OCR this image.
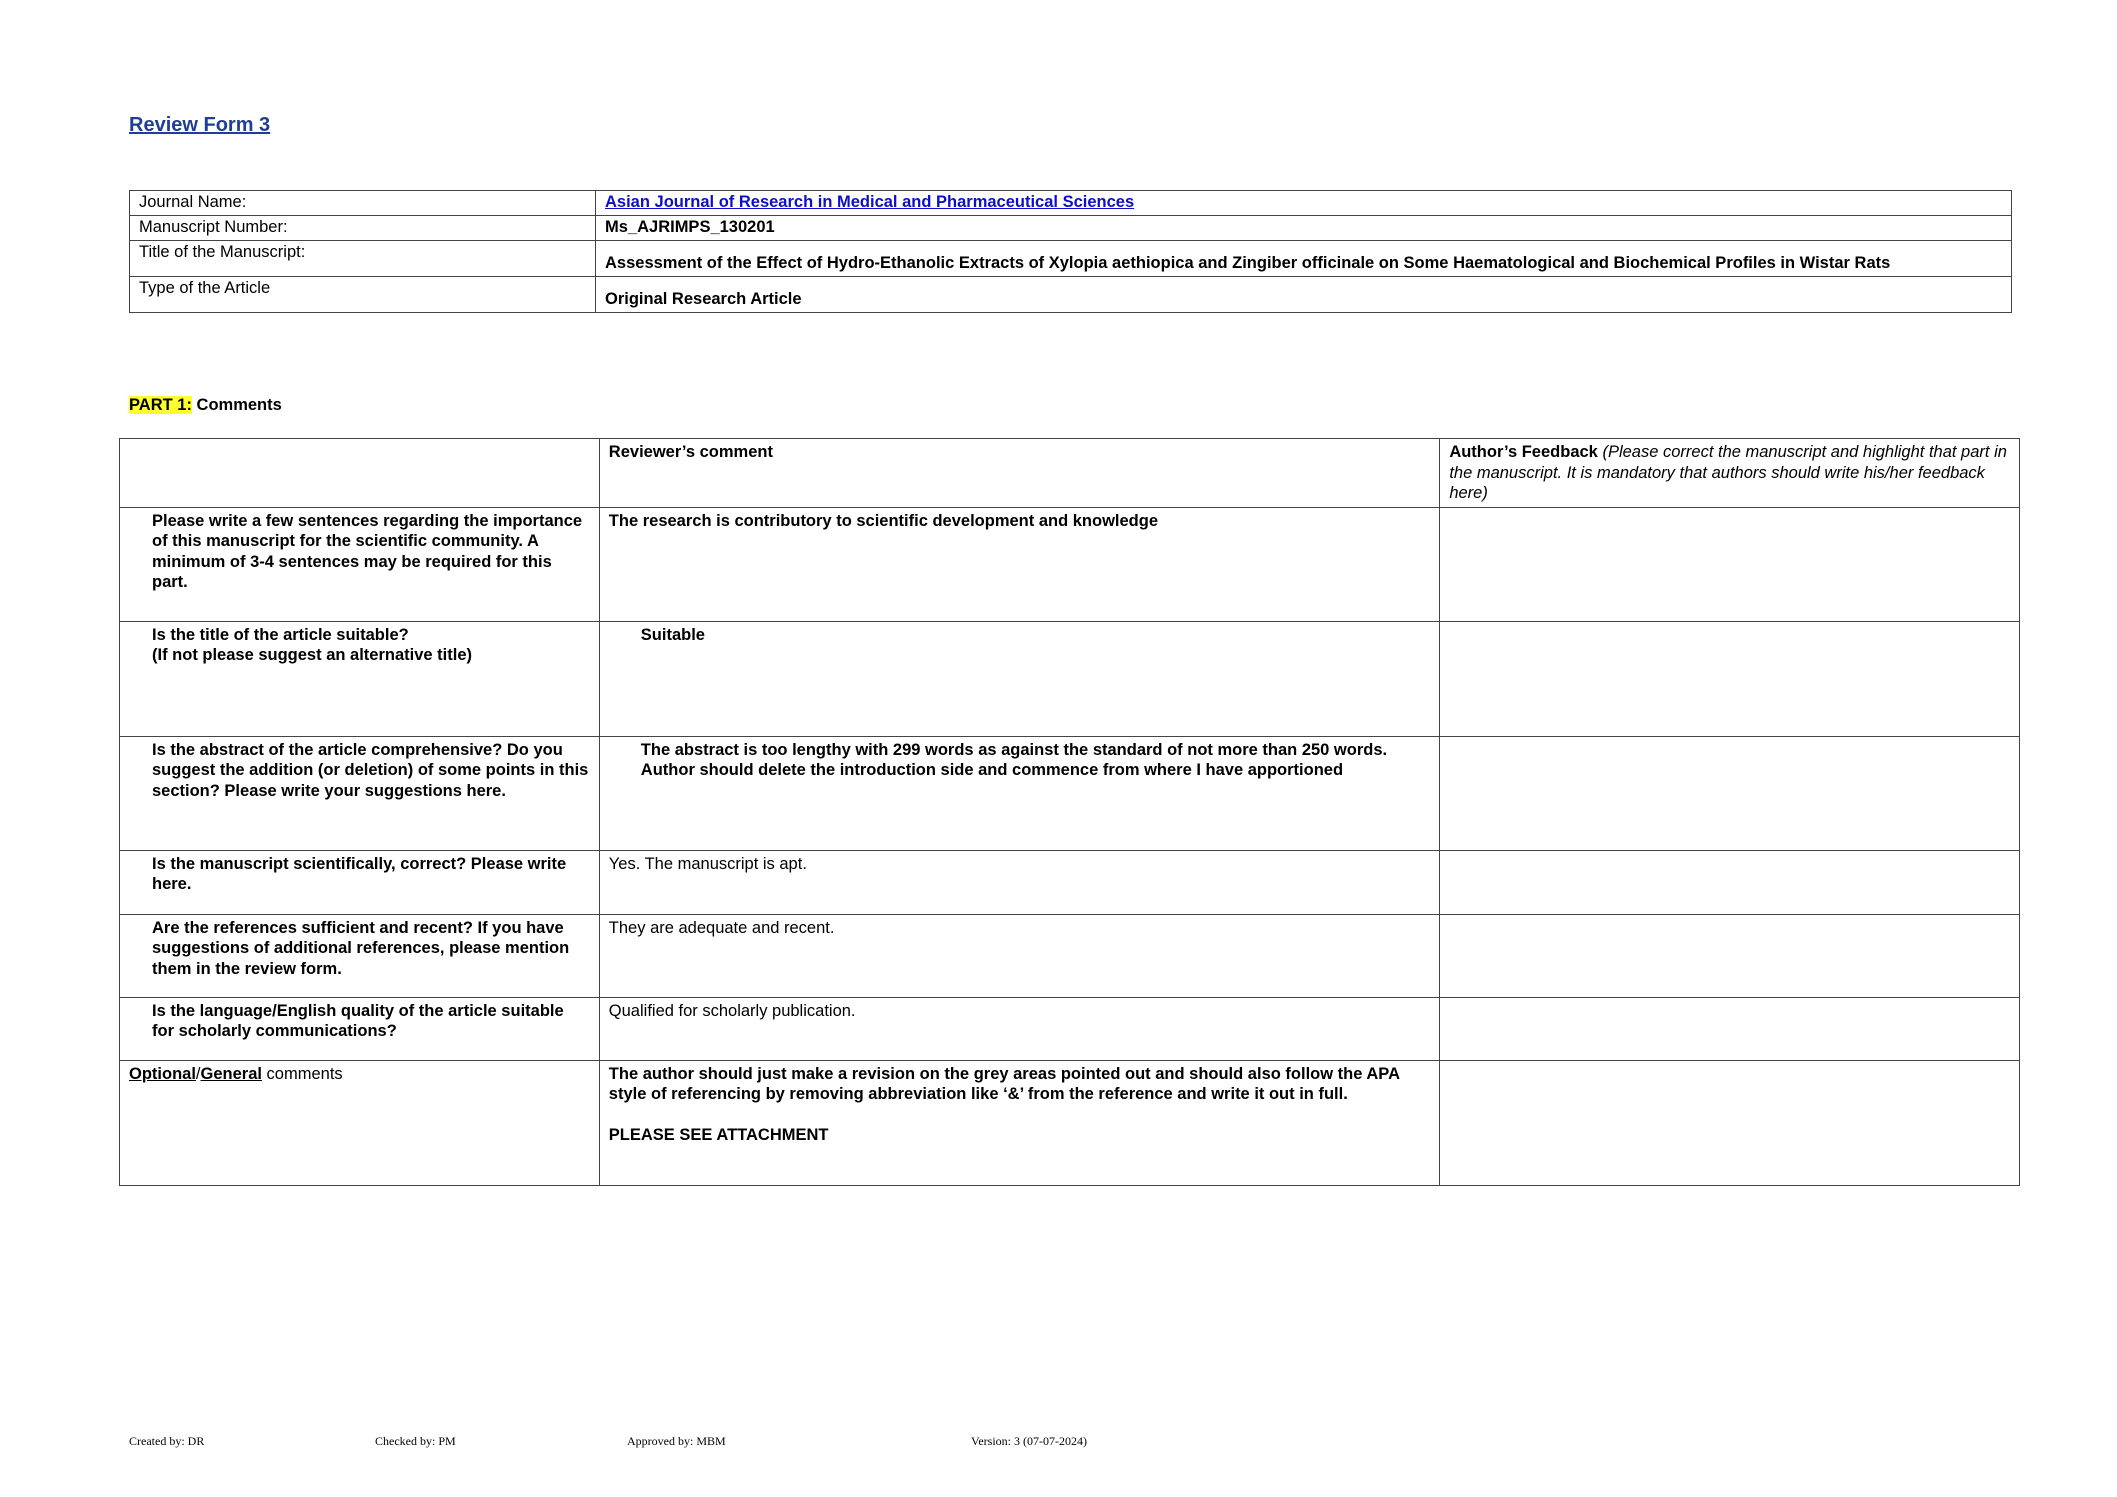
Review Form 3
Journal Name:	Asian Journal of Research in Medical and Pharmaceutical Sciences
Manuscript Number:	Ms_AJRIMPS_130201
Title of the Manuscript:	Assessment of the Effect of Hydro-Ethanolic Extracts of Xylopia aethiopica and Zingiber officinale on Some Haematological and Biochemical Profiles in Wistar Rats
Type of the Article	Original Research Article

PART 1: Comments

	Reviewer’s comment	Author’s Feedback (Please correct the manuscript and highlight that part in the manuscript. It is mandatory that authors should write his/her feedback here)
Please write a few sentences regarding the importance of this manuscript for the scientific community. A minimum of 3-4 sentences may be required for this part.	The research is contributory to scientific development and knowledge	

Is the title of the article suitable?
(If not please suggest an alternative title)	Suitable	
Is the abstract of the article comprehensive? Do you suggest the addition (or deletion) of some points in this section? Please write your suggestions here.	The abstract is too lengthy with 299 words as against the standard of not more than 250 words. Author should delete the introduction side and commence from where I have apportioned	
Is the manuscript scientifically, correct? Please write here.	Yes. The manuscript is apt.	
Are the references sufficient and recent? If you have suggestions of additional references, please mention them in the review form.	They are adequate and recent.	
Is the language/English quality of the article suitable for scholarly communications?	Qualified for scholarly publication.	
Optional/General comments	The author should just make a revision on the grey areas pointed out and should also follow the APA style of referencing by removing abbreviation like ‘&’ from the reference and write it out in full.
PLEASE SEE ATTACHMENT	

Created by: DR	Checked by: PM	Approved by: MBM	Version: 3 (07-07-2024)
